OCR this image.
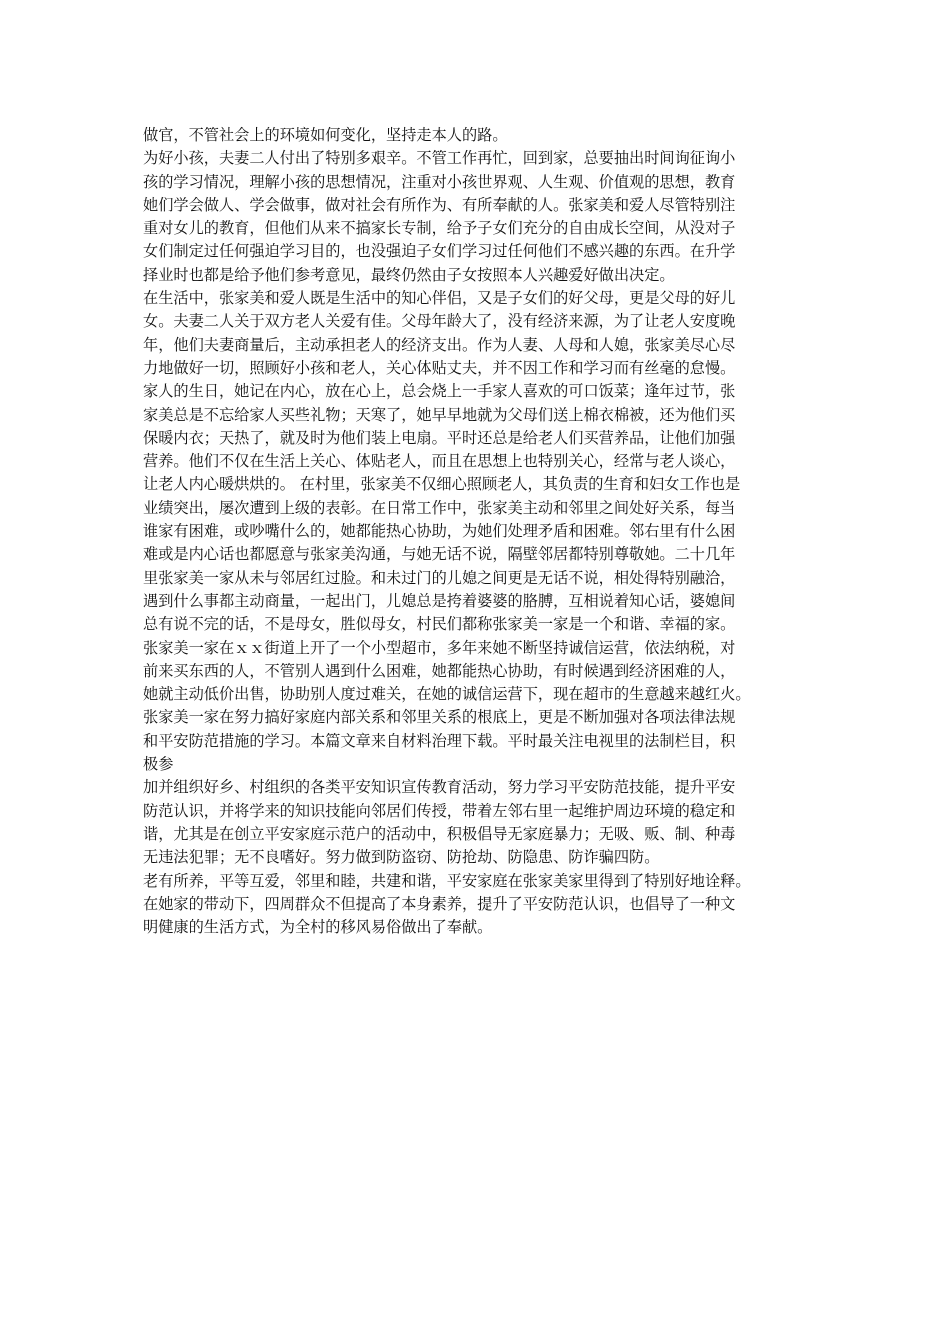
做官，不管社会上的环境如何变化，坚持走本人的路。
为好小孩，夫妻二人付出了特别多艰辛。不管工作再忙，回到家，总要抽出时间询征询小
孩的学习情况，理解小孩的思想情况，注重对小孩世界观、人生观、价值观的思想，教育
她们学会做人、学会做事，做对社会有所作为、有所奉献的人。张家美和爱人尽管特别注
重对女儿的教育，但他们从来不搞家长专制，给予子女们充分的自由成长空间，从没对子
女们制定过任何强迫学习目的，也没强迫子女们学习过任何他们不感兴趣的东西。在升学
择业时也都是给予他们参考意见，最终仍然由子女按照本人兴趣爱好做出决定。
在生活中，张家美和爱人既是生活中的知心伴侣，又是子女们的好父母，更是父母的好儿
女。夫妻二人关于双方老人关爱有佳。父母年龄大了，没有经济来源，为了让老人安度晚
年，他们夫妻商量后，主动承担老人的经济支出。作为人妻、人母和人媳，张家美尽心尽
力地做好一切，照顾好小孩和老人，关心体贴丈夫，并不因工作和学习而有丝毫的怠慢。
家人的生日，她记在内心，放在心上，总会烧上一手家人喜欢的可口饭菜；逢年过节，张
家美总是不忘给家人买些礼物；天寒了，她早早地就为父母们送上棉衣棉被，还为他们买
保暖内衣；天热了，就及时为他们装上电扇。平时还总是给老人们买营养品，让他们加强
营养。他们不仅在生活上关心、体贴老人，而且在思想上也特别关心，经常与老人谈心，
让老人内心暖烘烘的。 在村里，张家美不仅细心照顾老人，其负责的生育和妇女工作也是
业绩突出，屡次遭到上级的表彰。在日常工作中，张家美主动和邻里之间处好关系，每当
谁家有困难，或吵嘴什么的，她都能热心协助，为她们处理矛盾和困难。邻右里有什么困
难或是内心话也都愿意与张家美沟通，与她无话不说，隔壁邻居都特别尊敬她。二十几年
里张家美一家从未与邻居红过脸。和未过门的儿媳之间更是无话不说，相处得特别融洽，
遇到什么事都主动商量，一起出门，儿媳总是挎着婆婆的胳膊，互相说着知心话，婆媳间
总有说不完的话，不是母女，胜似母女，村民们都称张家美一家是一个和谐、幸福的家。
张家美一家在ｘｘ街道上开了一个小型超市，多年来她不断坚持诚信运营，依法纳税，对
前来买东西的人，不管别人遇到什么困难，她都能热心协助，有时候遇到经济困难的人，
她就主动低价出售，协助别人度过难关，在她的诚信运营下，现在超市的生意越来越红火。
张家美一家在努力搞好家庭内部关系和邻里关系的根底上，更是不断加强对各项法律法规
和平安防范措施的学习。本篇文章来自材料治理下载。平时最关注电视里的法制栏目，积
极参
加并组织好乡、村组织的各类平安知识宣传教育活动，努力学习平安防范技能，提升平安
防范认识，并将学来的知识技能向邻居们传授，带着左邻右里一起维护周边环境的稳定和
谐，尤其是在创立平安家庭示范户的活动中，积极倡导无家庭暴力；无吸、贩、制、种毒
无违法犯罪；无不良嗜好。努力做到防盗窃、防抢劫、防隐患、防诈骗四防。
老有所养，平等互爱，邻里和睦，共建和谐，平安家庭在张家美家里得到了特别好地诠释。
在她家的带动下，四周群众不但提高了本身素养，提升了平安防范认识，也倡导了一种文
明健康的生活方式，为全村的移风易俗做出了奉献。
